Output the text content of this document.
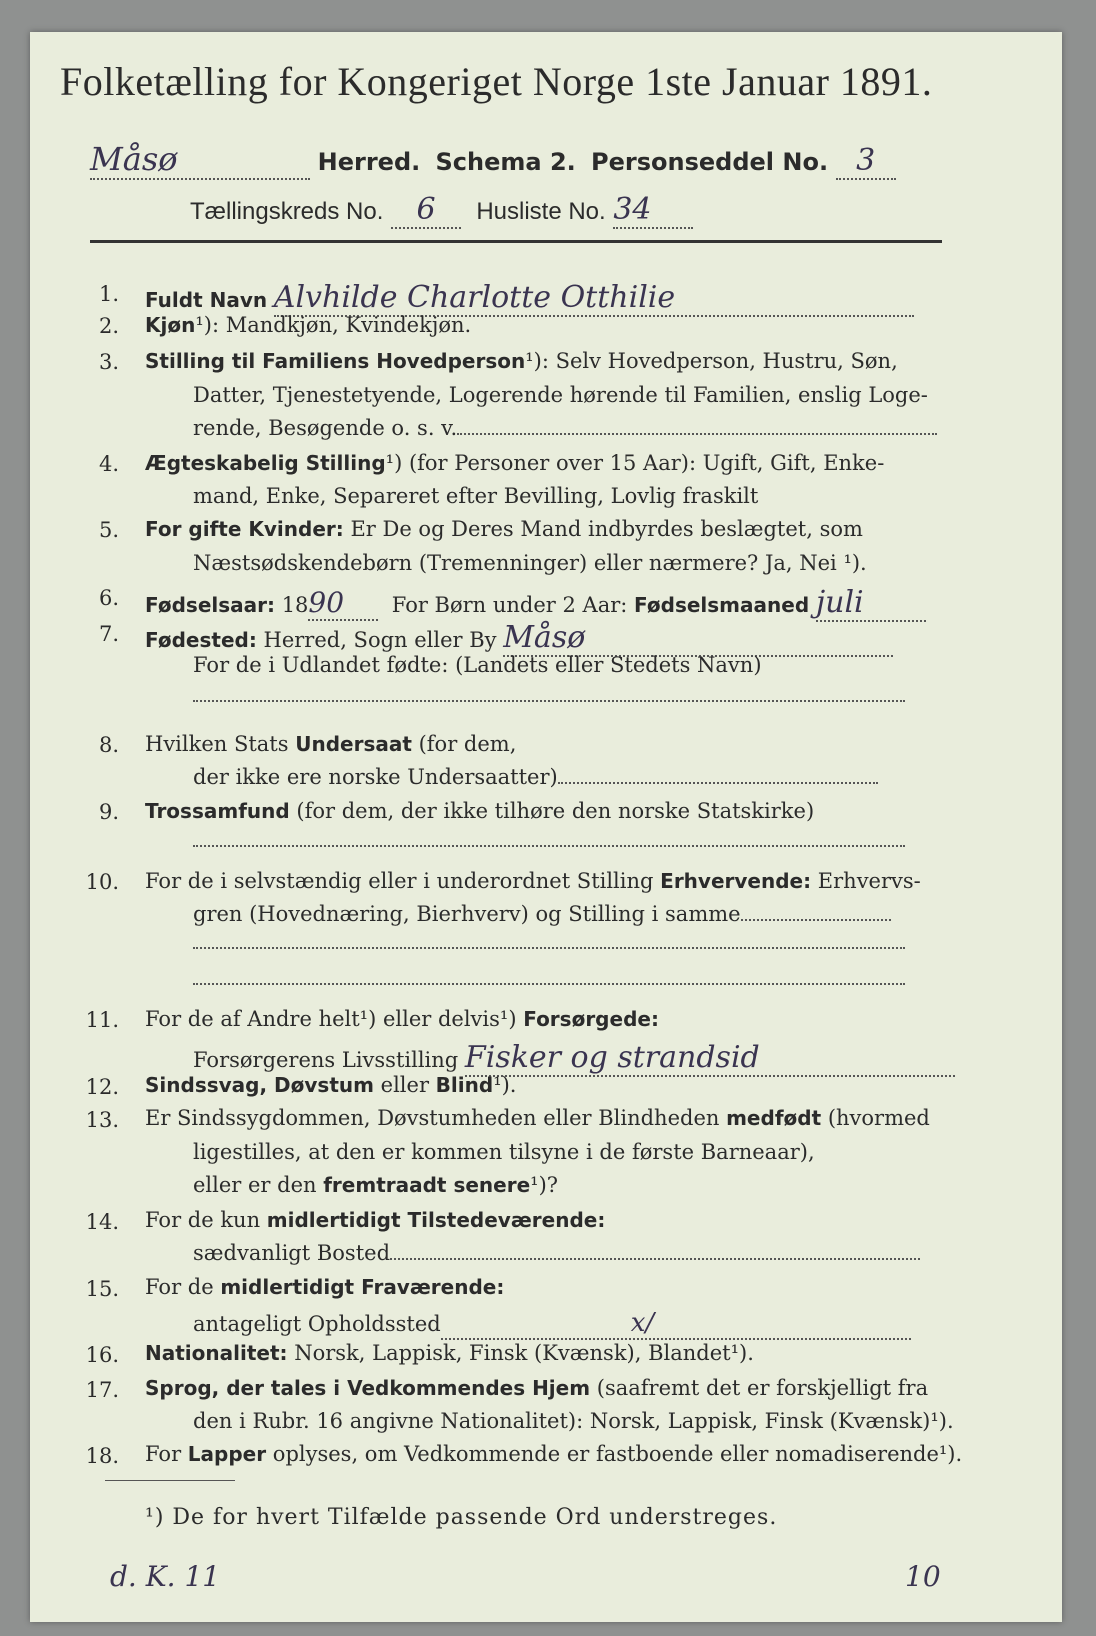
Folketælling for Kongeriget Norge 1ste Januar 1891.
Måsø	Herred. Schema 2. Personseddel No. 3
Tællingskreds No. 6 Husliste No. 34
1. Fuldt Navn Alvhilde Charlotte Otthilie
2. Kjøn¹): Mandkjøn, Kvindekjøn.
3. Stilling til Familiens Hovedperson¹): Selv Hovedperson, Hustru, Søn,
Datter, Tjenestetyende, Logerende hørende til Familien, enslig Loge-
rende, Besøgende o. s. v.
4. Ægteskabelig Stilling¹) (for Personer over 15 Aar): Ugift, Gift, Enke-
mand, Enke, Separeret efter Bevilling, Lovlig fraskilt
5. For gifte Kvinder: Er De og Deres Mand indbyrdes beslægtet, som
Næstsødskendebørn (Tremenninger) eller nærmere? Ja, Nei ¹).
6. Fødselsaar: 1890 For Børn under 2 Aar: Fødselsmaaned juli
7. Fødested: Herred, Sogn eller By Måsø
For de i Udlandet fødte: (Landets eller Stedets Navn)
8. Hvilken Stats Undersaat (for dem,
der ikke ere norske Undersaatter)
9. Trossamfund (for dem, der ikke tilhøre den norske Statskirke)
10. For de i selvstændig eller i underordnet Stilling Erhvervende: Erhvervs-
gren (Hovednæring, Bierhverv) og Stilling i samme
11. For de af Andre helt¹) eller delvis¹) Forsørgede:
Forsørgerens Livsstilling Fisker og strandsid
12. Sindssvag, Døvstum eller Blind¹).
13. Er Sindssygdommen, Døvstumheden eller Blindheden medfødt (hvormed
ligestilles, at den er kommen tilsyne i de første Barneaar),
eller er den fremtraadt senere¹)?
14. For de kun midlertidigt Tilstedeværende:
sædvanligt Bosted
15. For de midlertidigt Fraværende:
antageligt Opholdssted	x/
16. Nationalitet: Norsk, Lappisk, Finsk (Kvænsk), Blandet¹).
17. Sprog, der tales i Vedkommendes Hjem (saafremt det er forskjelligt fra
den i Rubr. 16 angivne Nationalitet): Norsk, Lappisk, Finsk (Kvænsk)¹).
18. For Lapper oplyses, om Vedkommende er fastboende eller nomadiserende¹).
¹) De for hvert Tilfælde passende Ord understreges.
d. K. 11	10
